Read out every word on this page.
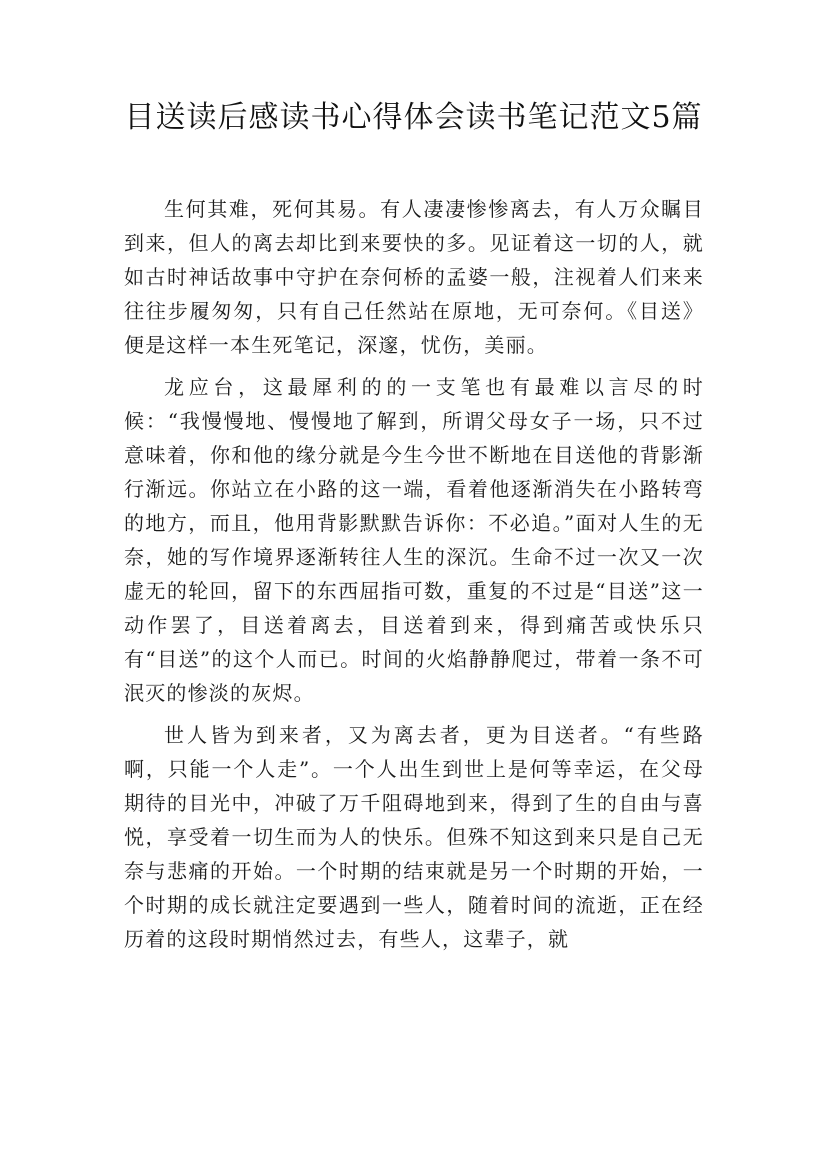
目送读后感读书心得体会读书笔记范文5篇

生何其难，死何其易。有人凄凄惨惨离去，有人万众瞩目到来，但人的离去却比到来要快的多。见证着这一切的人，就如古时神话故事中守护在奈何桥的孟婆一般，注视着人们来来往往步履匆匆，只有自己任然站在原地，无可奈何。《目送》便是这样一本生死笔记，深邃，忧伤，美丽。

龙应台，这最犀利的的一支笔也有最难以言尽的时候：“我慢慢地、慢慢地了解到，所谓父母女子一场，只不过意味着，你和他的缘分就是今生今世不断地在目送他的背影渐行渐远。你站立在小路的这一端，看着他逐渐消失在小路转弯的地方，而且，他用背影默默告诉你：不必追。”面对人生的无奈，她的写作境界逐渐转往人生的深沉。生命不过一次又一次虚无的轮回，留下的东西屈指可数，重复的不过是“目送”这一动作罢了，目送着离去，目送着到来，得到痛苦或快乐只有“目送”的这个人而已。时间的火焰静静爬过，带着一条不可泯灭的惨淡的灰烬。

世人皆为到来者，又为离去者，更为目送者。“有些路啊，只能一个人走”。一个人出生到世上是何等幸运，在父母期待的目光中，冲破了万千阻碍地到来，得到了生的自由与喜悦，享受着一切生而为人的快乐。但殊不知这到来只是自己无奈与悲痛的开始。一个时期的结束就是另一个时期的开始，一个时期的成长就注定要遇到一些人，随着时间的流逝，正在经历着的这段时期悄然过去，有些人，这辈子，就
